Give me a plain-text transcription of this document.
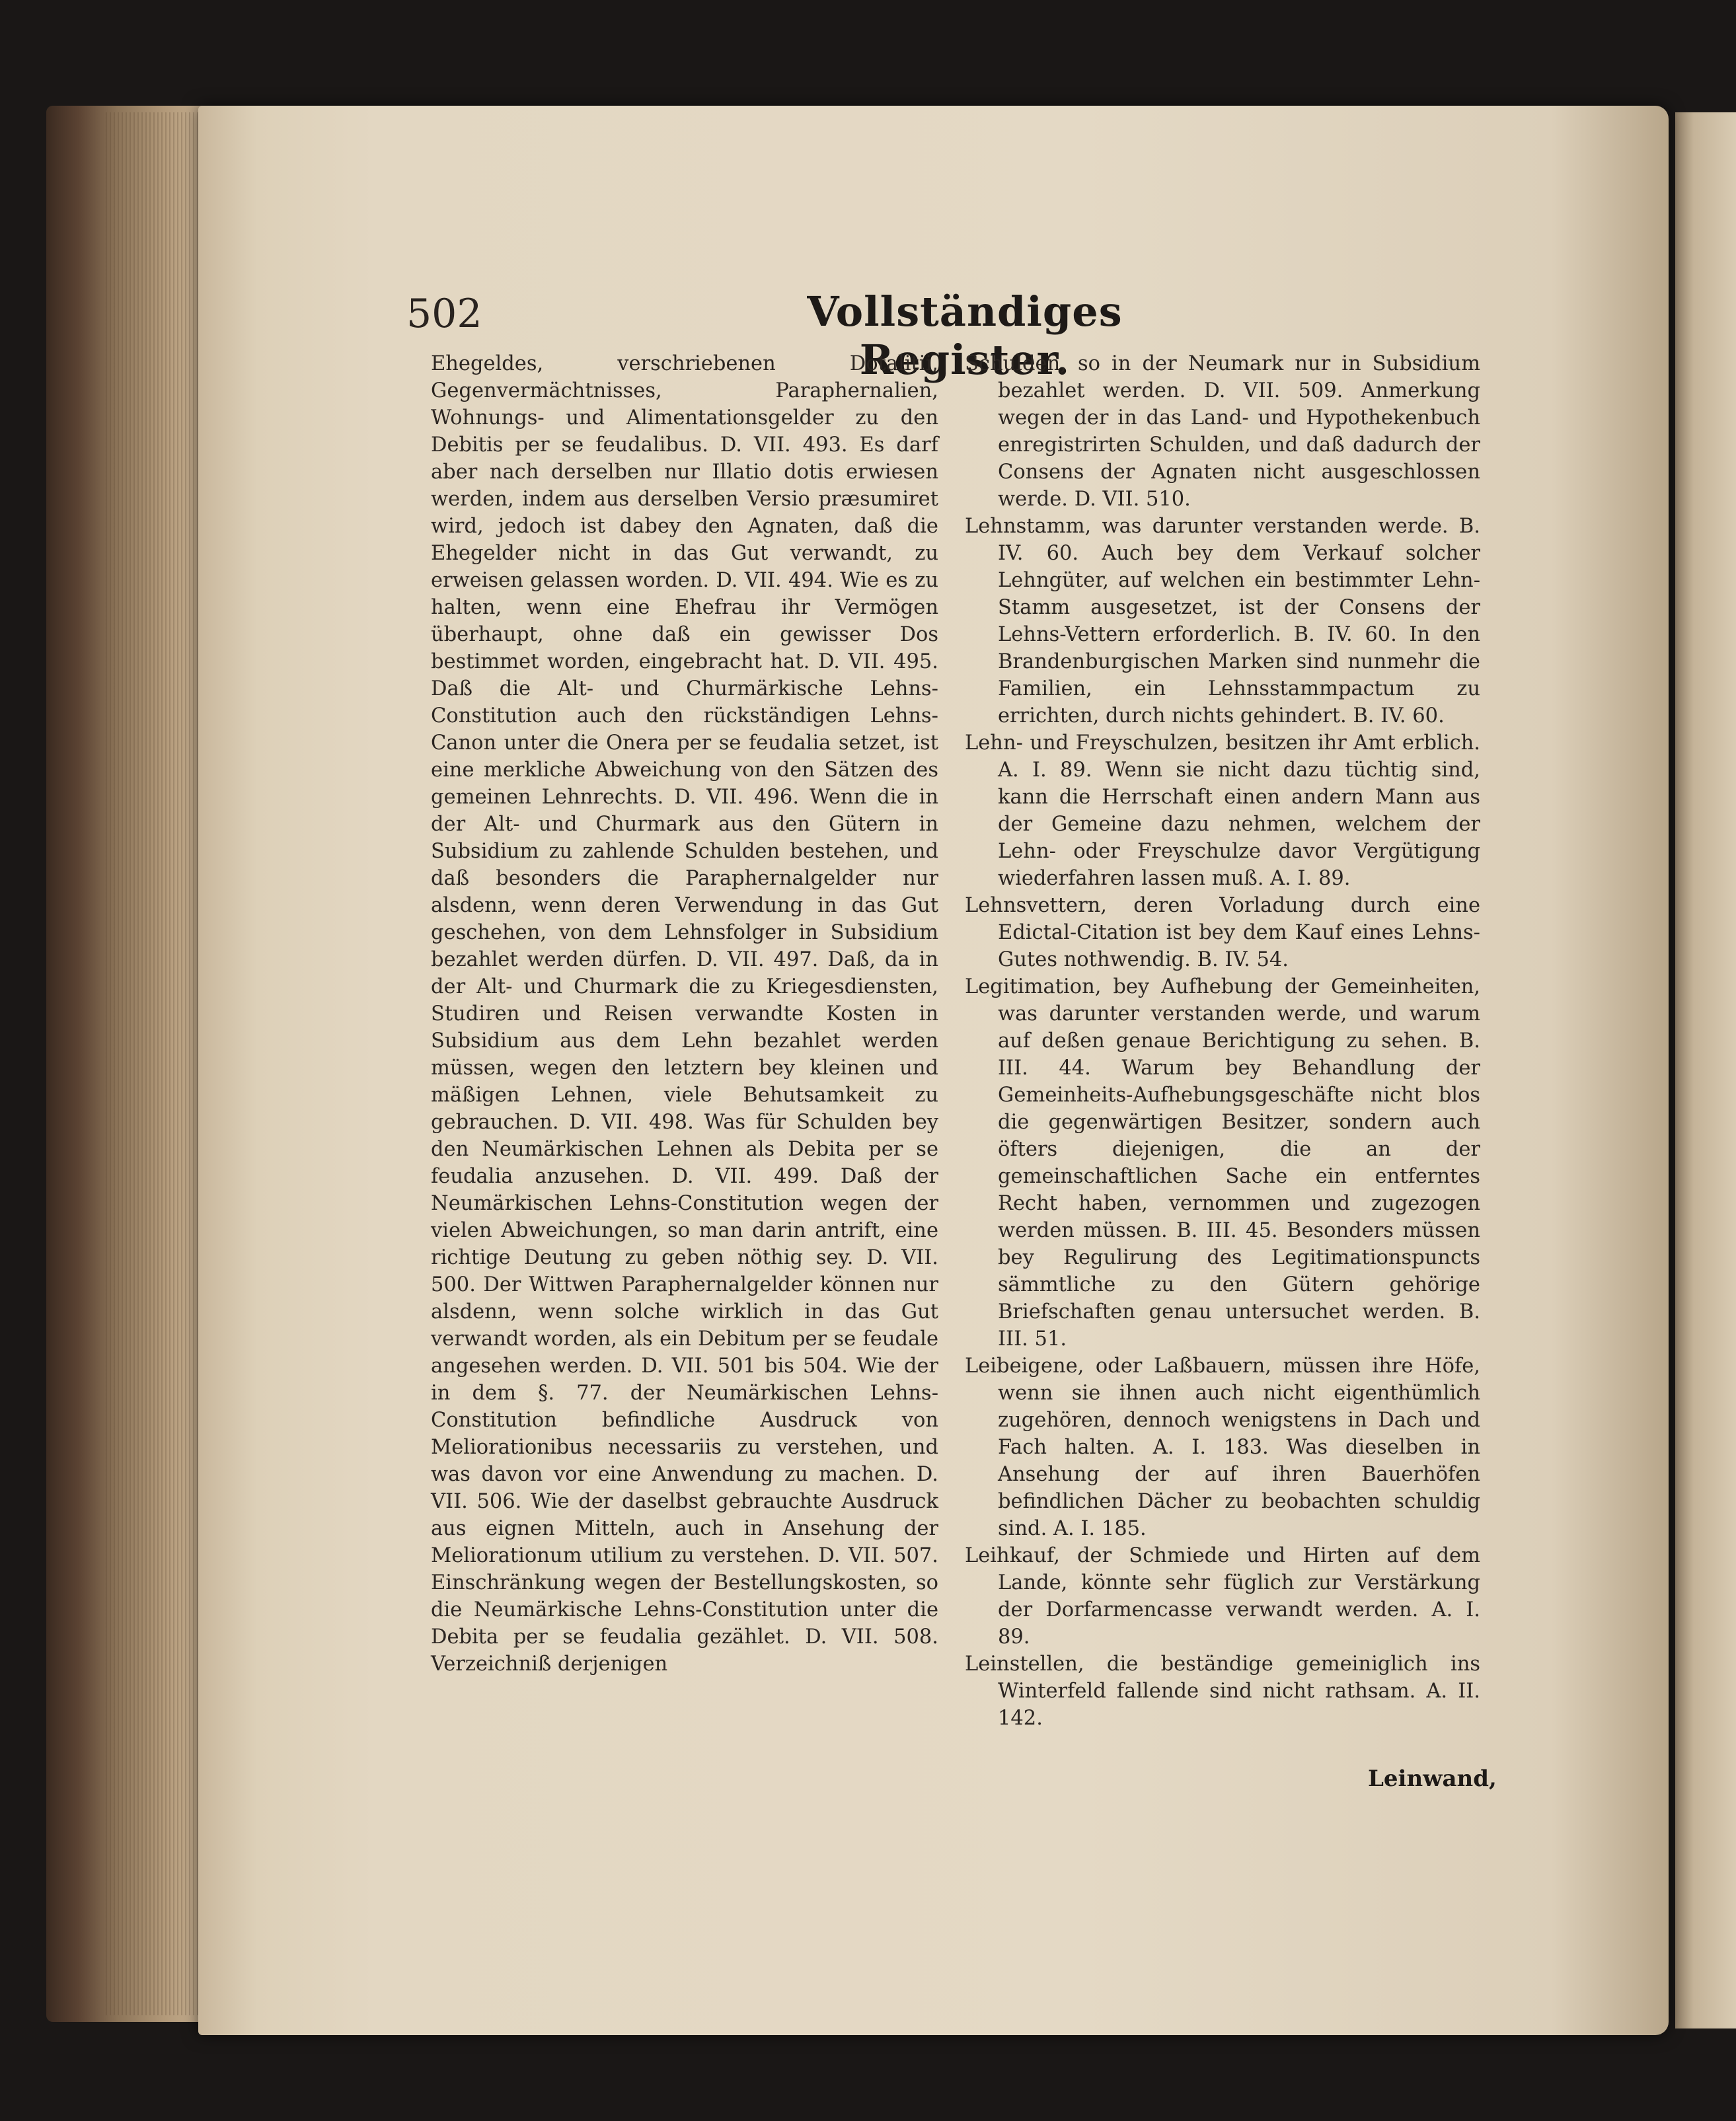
502	Vollständiges Register.

Ehegeldes, verschriebenen Dotalitii, Gegenvermächtnisses, Paraphernalien, Wohnungs- und Alimentationsgelder zu den Debitis per se feudalibus. D. VII. 493. Es darf aber nach derselben nur Illatio dotis erwiesen werden, indem aus derselben Versio præsumiret wird, jedoch ist dabey den Agnaten, daß die Ehegelder nicht in das Gut verwandt, zu erweisen gelassen worden. D. VII. 494. Wie es zu halten, wenn eine Ehefrau ihr Vermögen überhaupt, ohne daß ein gewisser Dos bestimmet worden, eingebracht hat. D. VII. 495. Daß die Alt- und Churmärkische Lehns-Constitution auch den rückständigen Lehns-Canon unter die Onera per se feudalia setzet, ist eine merkliche Abweichung von den Sätzen des gemeinen Lehnrechts. D. VII. 496. Wenn die in der Alt- und Churmark aus den Gütern in Subsidium zu zahlende Schulden bestehen, und daß besonders die Paraphernalgelder nur alsdenn, wenn deren Verwendung in das Gut geschehen, von dem Lehnsfolger in Subsidium bezahlet werden dürfen. D. VII. 497. Daß, da in der Alt- und Churmark die zu Kriegesdiensten, Studiren und Reisen verwandte Kosten in Subsidium aus dem Lehn bezahlet werden müssen, wegen den letztern bey kleinen und mäßigen Lehnen, viele Behutsamkeit zu gebrauchen. D. VII. 498. Was für Schulden bey den Neumärkischen Lehnen als Debita per se feudalia anzusehen. D. VII. 499. Daß der Neumärkischen Lehns-Constitution wegen der vielen Abweichungen, so man darin antrift, eine richtige Deutung zu geben nöthig sey. D. VII. 500. Der Wittwen Paraphernalgelder können nur alsdenn, wenn solche wirklich in das Gut verwandt worden, als ein Debitum per se feudale angesehen werden. D. VII. 501 bis 504. Wie der in dem §. 77. der Neumärkischen Lehns-Constitution befindliche Ausdruck von Meliorationibus necessariis zu verstehen, und was davon vor eine Anwendung zu machen. D. VII. 506. Wie der daselbst gebrauchte Ausdruck aus eignen Mitteln, auch in Ansehung der Meliorationum utilium zu verstehen. D. VII. 507. Einschränkung wegen der Bestellungskosten, so die Neumärkische Lehns-Constitution unter die Debita per se feudalia gezählet. D. VII. 508. Verzeichniß derjenigen

Schulden, so in der Neumark nur in Subsidium bezahlet werden. D. VII. 509. Anmerkung wegen der in das Land- und Hypothekenbuch enregistrirten Schulden, und daß dadurch der Consens der Agnaten nicht ausgeschlossen werde. D. VII. 510.

Lehnstamm, was darunter verstanden werde. B. IV. 60. Auch bey dem Verkauf solcher Lehngüter, auf welchen ein bestimmter Lehn-Stamm ausgesetzet, ist der Consens der Lehns-Vettern erforderlich. B. IV. 60. In den Brandenburgischen Marken sind nunmehr die Familien, ein Lehnsstammpactum zu errichten, durch nichts gehindert. B. IV. 60.

Lehn- und Freyschulzen, besitzen ihr Amt erblich. A. I. 89. Wenn sie nicht dazu tüchtig sind, kann die Herrschaft einen andern Mann aus der Gemeine dazu nehmen, welchem der Lehn- oder Freyschulze davor Vergütigung wiederfahren lassen muß. A. I. 89.

Lehnsvettern, deren Vorladung durch eine Edictal-Citation ist bey dem Kauf eines Lehns-Gutes nothwendig. B. IV. 54.

Legitimation, bey Aufhebung der Gemeinheiten, was darunter verstanden werde, und warum auf deßen genaue Berichtigung zu sehen. B. III. 44. Warum bey Behandlung der Gemeinheits-Aufhebungsgeschäfte nicht blos die gegenwärtigen Besitzer, sondern auch öfters diejenigen, die an der gemeinschaftlichen Sache ein entferntes Recht haben, vernommen und zugezogen werden müssen. B. III. 45. Besonders müssen bey Regulirung des Legitimationspuncts sämmtliche zu den Gütern gehörige Briefschaften genau untersuchet werden. B. III. 51.

Leibeigene, oder Laßbauern, müssen ihre Höfe, wenn sie ihnen auch nicht eigenthümlich zugehören, dennoch wenigstens in Dach und Fach halten. A. I. 183. Was dieselben in Ansehung der auf ihren Bauerhöfen befindlichen Dächer zu beobachten schuldig sind. A. I. 185.

Leihkauf, der Schmiede und Hirten auf dem Lande, könnte sehr füglich zur Verstärkung der Dorfarmencasse verwandt werden. A. I. 89.

Leinstellen, die beständige gemeiniglich ins Winterfeld fallende sind nicht rathsam. A. II. 142.

Leinwand,
